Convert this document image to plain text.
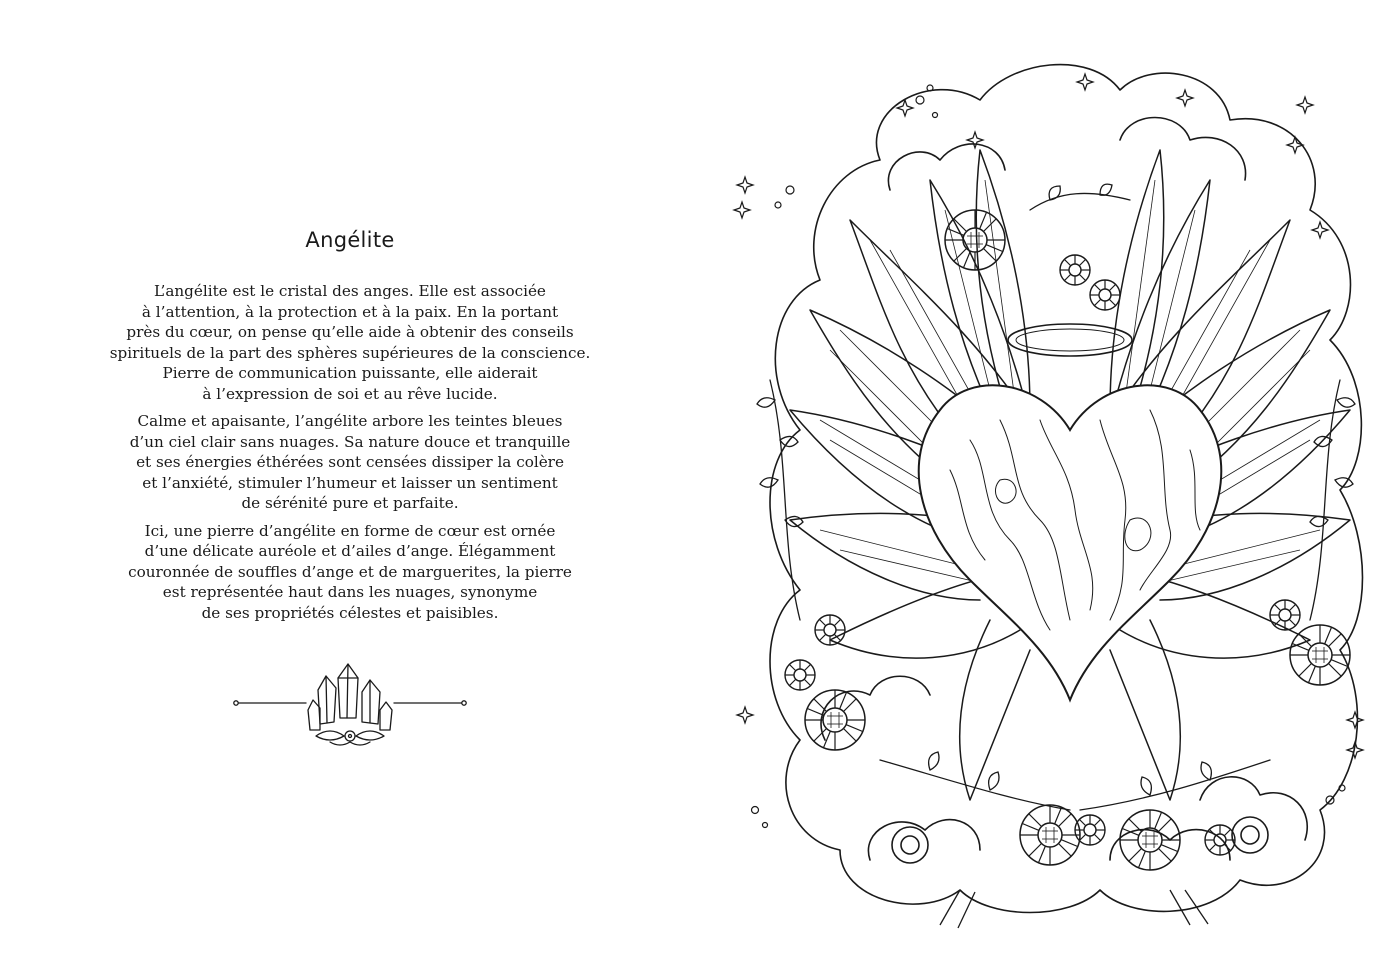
Angélite

L’angélite est le cristal des anges. Elle est associée
à l’attention, à la protection et à la paix. En la portant
près du cœur, on pense qu’elle aide à obtenir des conseils
spirituels de la part des sphères supérieures de la conscience.
Pierre de communication puissante, elle aiderait
à l’expression de soi et au rêve lucide.

Calme et apaisante, l’angélite arbore les teintes bleues
d’un ciel clair sans nuages. Sa nature douce et tranquille
et ses énergies éthérées sont censées dissiper la colère
et l’anxiété, stimuler l’humeur et laisser un sentiment
de sérénité pure et parfaite.

Ici, une pierre d’angélite en forme de cœur est ornée
d’une délicate auréole et d’ailes d’ange. Élégamment
couronnée de souffles d’ange et de marguerites, la pierre
est représentée haut dans les nuages, synonyme
de ses propriétés célestes et paisibles.
